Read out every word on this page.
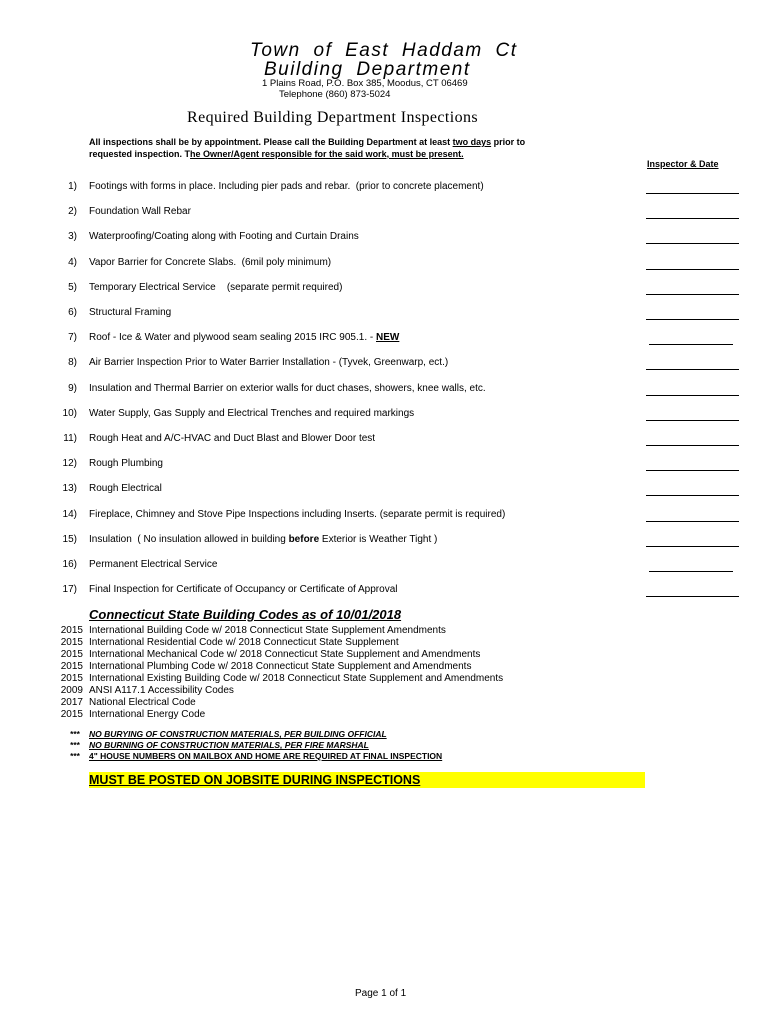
Town of East Haddam Ct
Building Department
1 Plains Road, P.O. Box 385, Moodus, CT 06469
Telephone (860) 873-5024
Required Building Department Inspections
All inspections shall be by appointment. Please call the Building Department at least two days prior to
requested inspection. The Owner/Agent responsible for the said work, must be present.
Inspector & Date
1) Footings with forms in place. Including pier pads and rebar.  (prior to concrete placement)
2) Foundation Wall Rebar
3) Waterproofing/Coating along with Footing and Curtain Drains
4) Vapor Barrier for Concrete Slabs.  (6mil poly minimum)
5) Temporary Electrical Service    (separate permit required)
6) Structural Framing
7) Roof - Ice & Water and plywood seam sealing 2015 IRC 905.1. - NEW
8) Air Barrier Inspection Prior to Water Barrier Installation - (Tyvek, Greenwarp, ect.)
9) Insulation and Thermal Barrier on exterior walls for duct chases, showers, knee walls, etc.
10) Water Supply, Gas Supply and Electrical Trenches and required markings
11) Rough Heat and A/C-HVAC and Duct Blast and Blower Door test
12) Rough Plumbing
13) Rough Electrical
14) Fireplace, Chimney and Stove Pipe Inspections including Inserts. (separate permit is required)
15) Insulation  ( No insulation allowed in building before Exterior is Weather Tight )
16) Permanent Electrical Service
17) Final Inspection for Certificate of Occupancy or Certificate of Approval
Connecticut State Building Codes as of 10/01/2018
2015 International Building Code w/ 2018 Connecticut State Supplement Amendments
2015 International Residential Code w/ 2018 Connecticut State Supplement
2015 International Mechanical Code w/ 2018 Connecticut State Supplement and Amendments
2015 International Plumbing Code w/ 2018 Connecticut State Supplement and Amendments
2015 International Existing Building Code w/ 2018 Connecticut State Supplement and Amendments
2009 ANSI A117.1 Accessibility Codes
2017 National Electrical Code
2015 International Energy Code
*** NO BURYING OF CONSTRUCTION MATERIALS, PER BUILDING OFFICIAL
*** NO BURNING OF CONSTRUCTION MATERIALS, PER FIRE MARSHAL
*** 4" HOUSE NUMBERS ON MAILBOX AND HOME ARE REQUIRED AT FINAL INSPECTION
MUST BE POSTED ON JOBSITE DURING INSPECTIONS
Page 1 of 1
